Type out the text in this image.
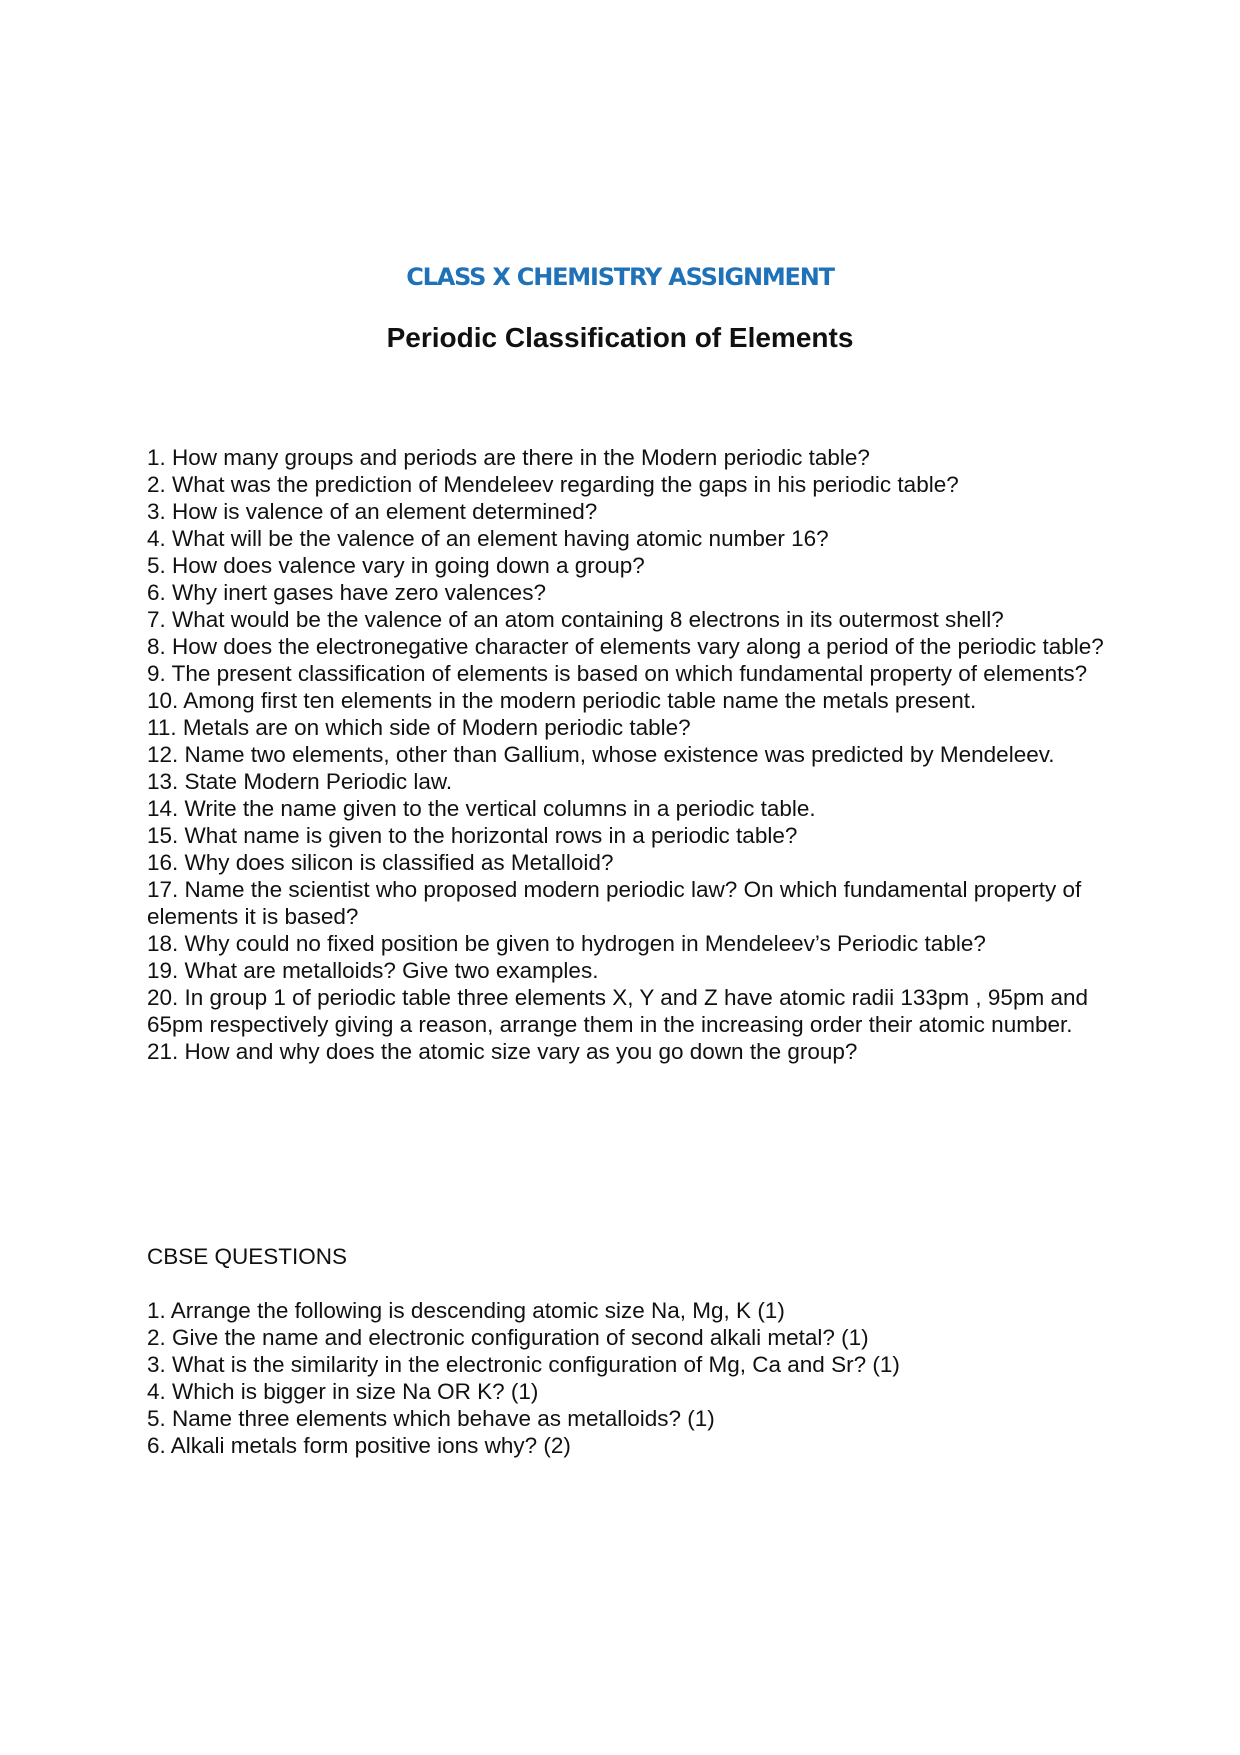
CLASS X CHEMISTRY ASSIGNMENT
Periodic Classification of Elements
1. How many groups and periods are there in the Modern periodic table?
2. What was the prediction of Mendeleev regarding the gaps in his periodic table?
3. How is valence of an element determined?
4. What will be the valence of an element having atomic number 16?
5. How does valence vary in going down a group?
6. Why inert gases have zero valences?
7. What would be the valence of an atom containing 8 electrons in its outermost shell?
8. How does the electronegative character of elements vary along a period of the periodic table?
9. The present classification of elements is based on which fundamental property of elements?
10. Among first ten elements in the modern periodic table name the metals present.
11. Metals are on which side of Modern periodic table?
12. Name two elements, other than Gallium, whose existence was predicted by Mendeleev.
13. State Modern Periodic law.
14. Write the name given to the vertical columns in a periodic table.
15. What name is given to the horizontal rows in a periodic table?
16. Why does silicon is classified as Metalloid?
17. Name the scientist who proposed modern periodic law? On which fundamental property of elements it is based?
18. Why could no fixed position be given to hydrogen in Mendeleev’s Periodic table?
19. What are metalloids? Give two examples.
20. In group 1 of periodic table three elements X, Y and Z have atomic radii 133pm , 95pm and 65pm respectively giving a reason, arrange them in the increasing order their atomic number.
21. How and why does the atomic size vary as you go down the group?
CBSE QUESTIONS
1. Arrange the following is descending atomic size Na, Mg, K (1)
2. Give the name and electronic configuration of second alkali metal? (1)
3. What is the similarity in the electronic configuration of Mg, Ca and Sr? (1)
4. Which is bigger in size Na OR K? (1)
5. Name three elements which behave as metalloids? (1)
6. Alkali metals form positive ions why? (2)
